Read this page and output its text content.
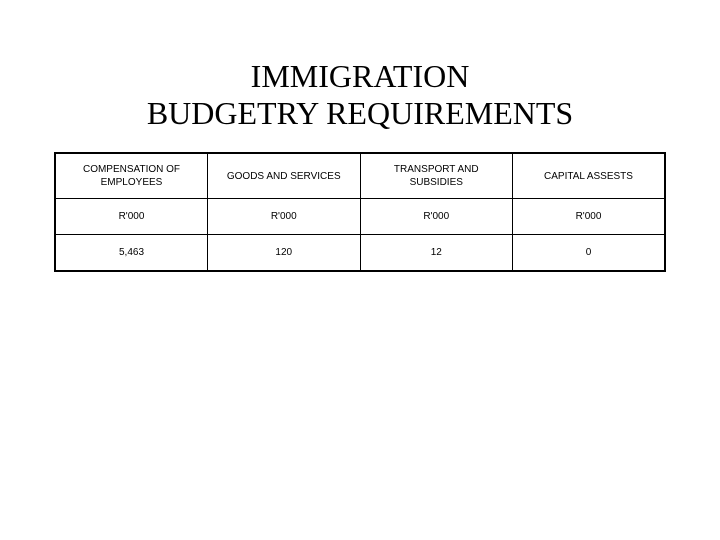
IMMIGRATION
BUDGETRY REQUIREMENTS
COMPENSATION OF EMPLOYEES	GOODS AND SERVICES	TRANSPORT AND SUBSIDIES	CAPITAL ASSESTS
R'000	R'000	R'000	R'000
5,463	120	12	0
